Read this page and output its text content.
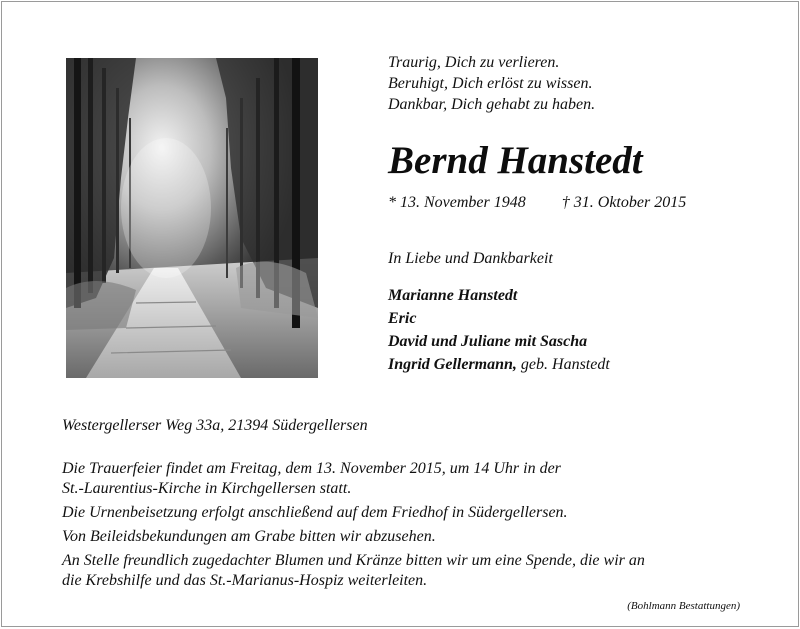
Traurig, Dich zu verlieren.
Beruhigt, Dich erlöst zu wissen.
Dankbar, Dich gehabt zu haben.
Bernd Hanstedt
* 13. November 1948 † 31. Oktober 2015
In Liebe und Dankbarkeit
Marianne Hanstedt
Eric
David und Juliane mit Sascha
Ingrid Gellermann, geb. Hanstedt
Westergellerser Weg 33a, 21394 Südergellersen

Die Trauerfeier findet am Freitag, dem 13. November 2015, um 14 Uhr in der
St.-Laurentius-Kirche in Kirchgellersen statt.

Die Urnenbeisetzung erfolgt anschließend auf dem Friedhof in Südergellersen.

Von Beileidsbekundungen am Grabe bitten wir abzusehen.

An Stelle freundlich zugedachter Blumen und Kränze bitten wir um eine Spende, die wir an
die Krebshilfe und das St.-Marianus-Hospiz weiterleiten.

(Bohlmann Bestattungen)
